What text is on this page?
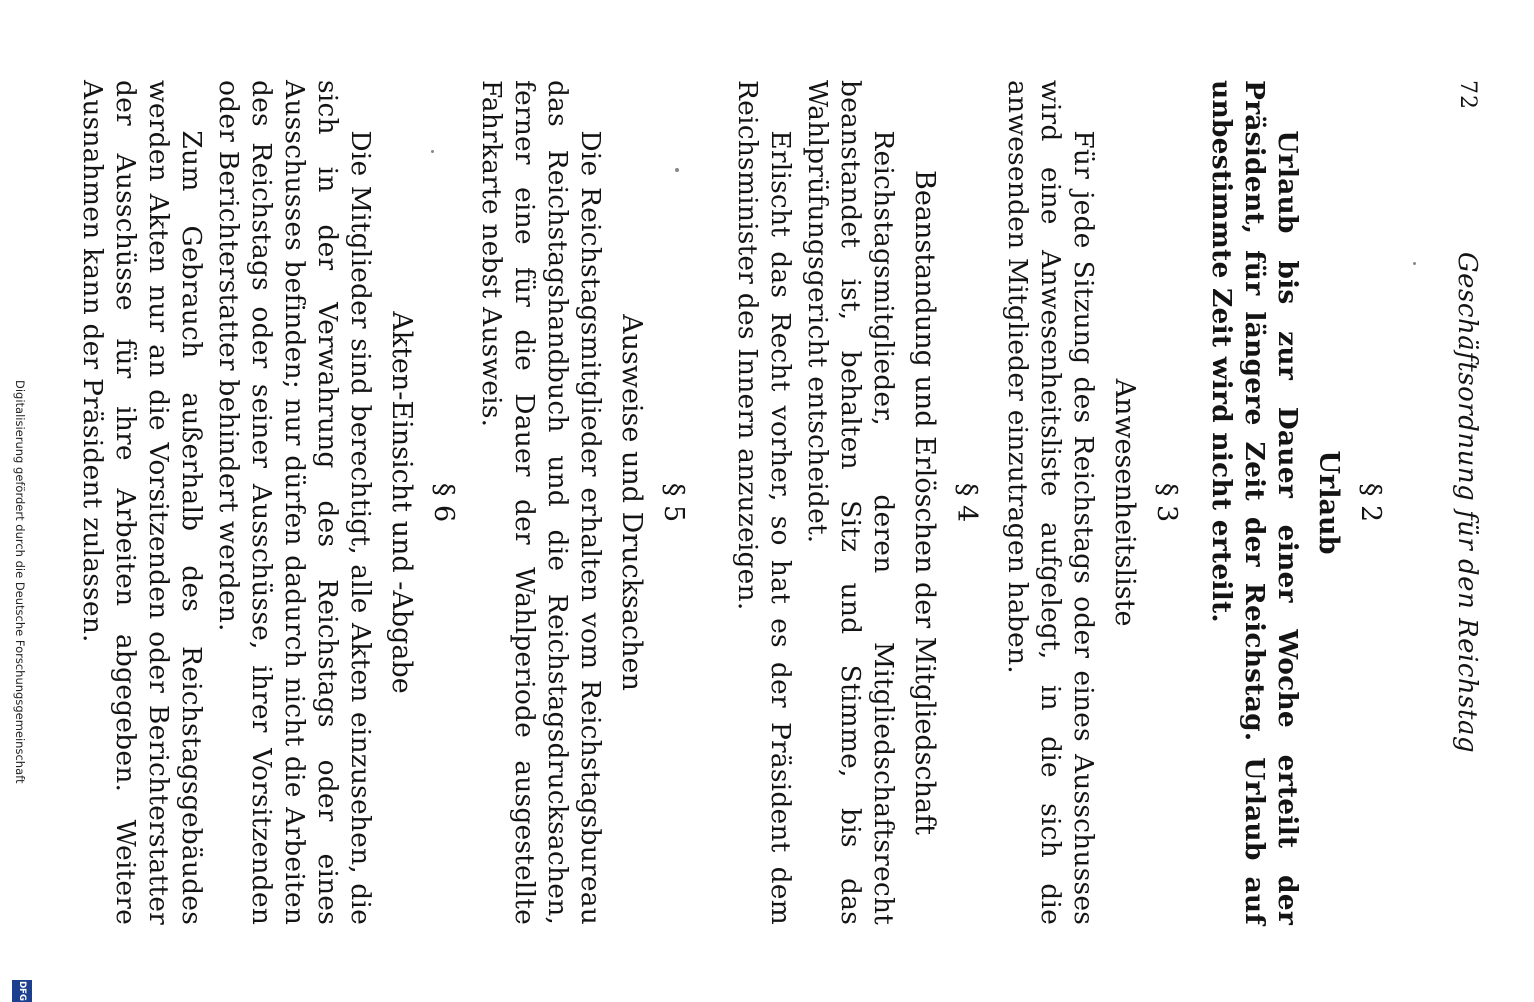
72
Geschäftsordnung für den Reichstag
§ 2
Urlaub

Urlaub bis zur Dauer einer Woche erteilt der Präsident, für längere Zeit der Reichstag. Urlaub auf unbestimmte Zeit wird nicht erteilt.

§ 3
Anwesenheitsliste

Für jede Sitzung des Reichstags oder eines Ausschusses wird eine Anwesenheitsliste aufgelegt, in die sich die anwesenden Mitglieder einzutragen haben.

§ 4
Beanstandung und Erlöschen der Mitgliedschaft

Reichstagsmitglieder, deren Mitgliedschaftsrecht beanstandet ist, behalten Sitz und Stimme, bis das Wahlprüfungsgericht entscheidet.

Erlischt das Recht vorher, so hat es der Präsident dem Reichsminister des Innern anzuzeigen.

§ 5
Ausweise und Drucksachen

Die Reichstagsmitglieder erhalten vom Reichstagsbureau das Reichstagshandbuch und die Reichstagsdrucksachen, ferner eine für die Dauer der Wahlperiode ausgestellte Fahrkarte nebst Ausweis.

§ 6
Akten-Einsicht und -Abgabe

Die Mitglieder sind berechtigt, alle Akten einzusehen, die sich in der Verwahrung des Reichstags oder eines Ausschusses befinden; nur dürfen dadurch nicht die Arbeiten des Reichstags oder seiner Ausschüsse, ihrer Vorsitzenden oder Berichterstatter behindert werden.

Zum Gebrauch außerhalb des Reichstagsgebäudes werden Akten nur an die Vorsitzenden oder Berichterstatter der Ausschüsse für ihre Arbeiten abgegeben. Weitere Ausnahmen kann der Präsident zulassen.

Digitalisierung gefördert durch die Deutsche Forschungsgemeinschaft
DFG
